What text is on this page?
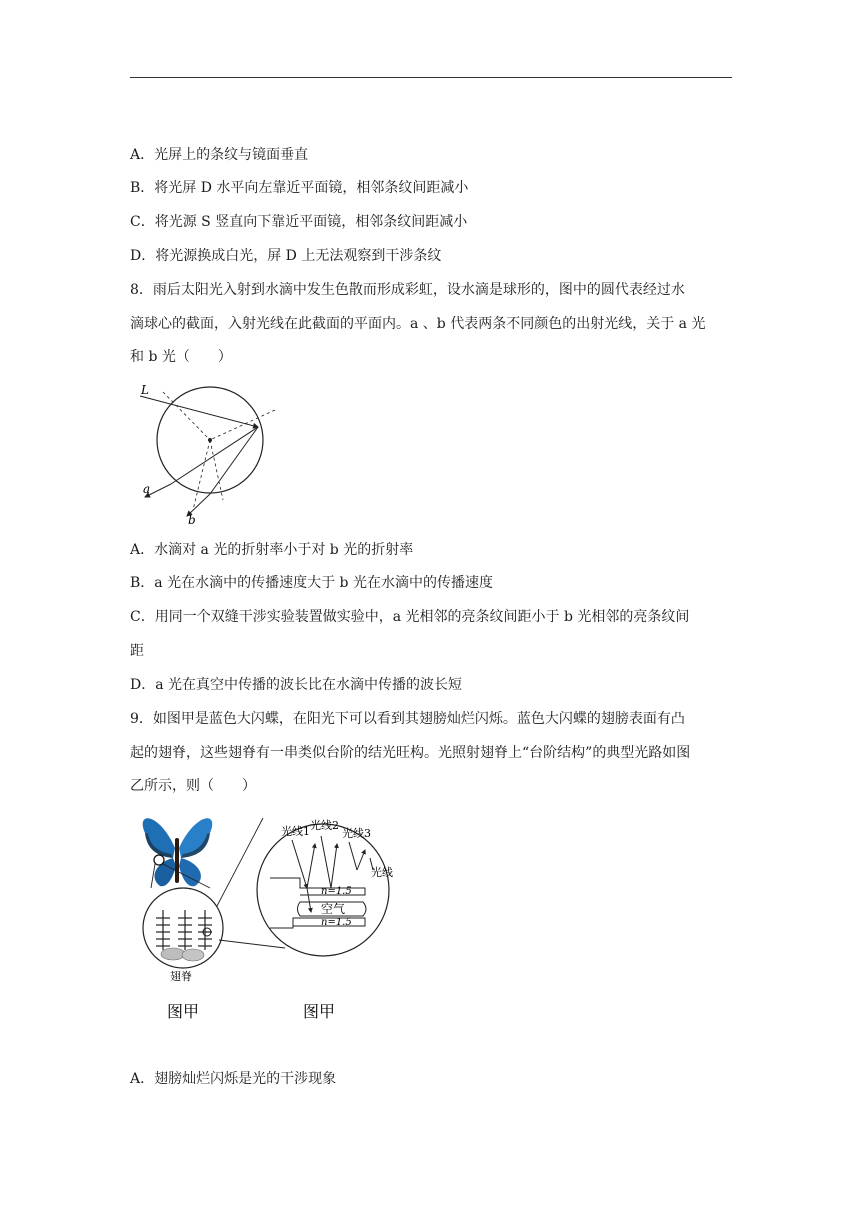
A．光屏上的条纹与镜面垂直
B．将光屏 D 水平向左靠近平面镜，相邻条纹间距减小
C．将光源 S 竖直向下靠近平面镜，相邻条纹间距减小
D．将光源换成白光，屏 D 上无法观察到干涉条纹
8．雨后太阳光入射到水滴中发生色散而形成彩虹，设水滴是球形的，图中的圆代表经过水
滴球心的截面，入射光线在此截面的平面内。a 、b 代表两条不同颜色的出射光线，关于 a 光
和 b 光（　　）
L
a
b
A．水滴对 a 光的折射率小于对 b 光的折射率
B．a 光在水滴中的传播速度大于 b 光在水滴中的传播速度
C．用同一个双缝干涉实验装置做实验中，a 光相邻的亮条纹间距小于 b 光相邻的亮条纹间
距
D．a 光在真空中传播的波长比在水滴中传播的波长短
9．如图甲是蓝色大闪蝶，在阳光下可以看到其翅膀灿烂闪烁。蓝色大闪蝶的翅膀表面有凸
起的翅脊，这些翅脊有一串类似台阶的结光旺构。光照射翅脊上“台阶结构”的典型光路如图
乙所示，则（　　）
翅脊
n=1.5
空气
n=1.5
光线1 光线2
光线3
光线
图甲	图甲
A．翅膀灿烂闪烁是光的干涉现象
